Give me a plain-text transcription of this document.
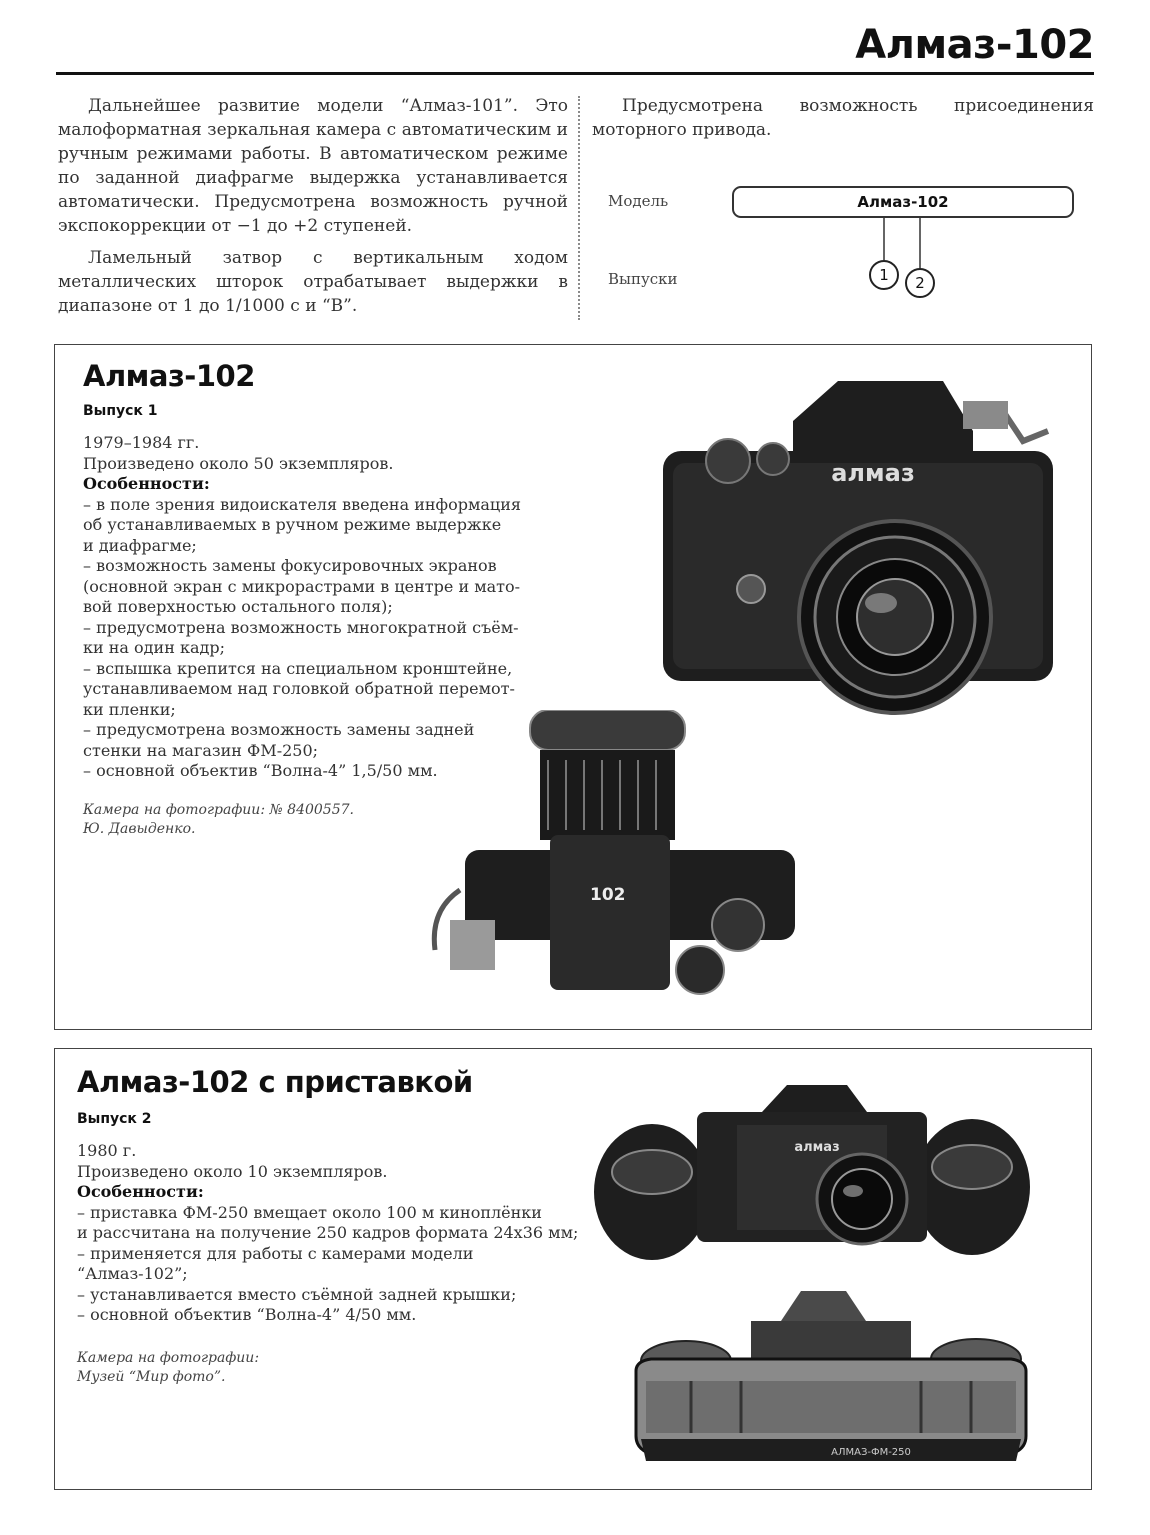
Алмаз-102

Дальнейшее развитие модели “Алмаз-101”. Это малоформатная зеркальная камера с автоматическим и ручным режимами работы. В автоматическом режиме по заданной диафрагме выдержка устанавливается автоматически. Предусмотрена возможность ручной экспокоррекции от −1 до +2 ступеней.

Ламельный затвор с вертикальным ходом металлических шторок отрабатывает выдержки в диапазоне от 1 до 1/1000 с и “B”.

Предусмотрена возможность присоединения моторного привода.

Модель	Алмаз-102
Выпуски	1	2
Алмаз-102
Выпуск 1
1979–1984 гг.
Произведено около 50 экземпляров.
Особенности:
– в поле зрения видоискателя введена информация
об устанавливаемых в ручном режиме выдержке
и диафрагме;
– возможность замены фокусировочных экранов
(основной экран с микрорастрами в центре и мато-
вой поверхностью остального поля);
– предусмотрена возможность многократной съём-
ки на один кадр;
– вспышка крепится на специальном кронштейне,
устанавливаемом над головкой обратной перемот-
ки пленки;
– предусмотрена возможность замены задней
стенки на магазин ФМ-250;
– основной объектив “Волна-4” 1,5/50 мм.
Камера на фотографии: № 8400557.
Ю. Давыденко.
алмаз
102
Алмаз-102 с приставкой
Выпуск 2
1980 г.
Произведено около 10 экземпляров.
Особенности:
– приставка ФМ-250 вмещает около 100 м киноплёнки
и рассчитана на получение 250 кадров формата 24х36 мм;
– применяется для работы с камерами модели
“Алмаз-102”;
– устанавливается вместо съёмной задней крышки;
– основной объектив “Волна-4” 4/50 мм.
Камера на фотографии:
Музей “Мир фото”.
алмаз
АЛМАЗ-ФМ-250
